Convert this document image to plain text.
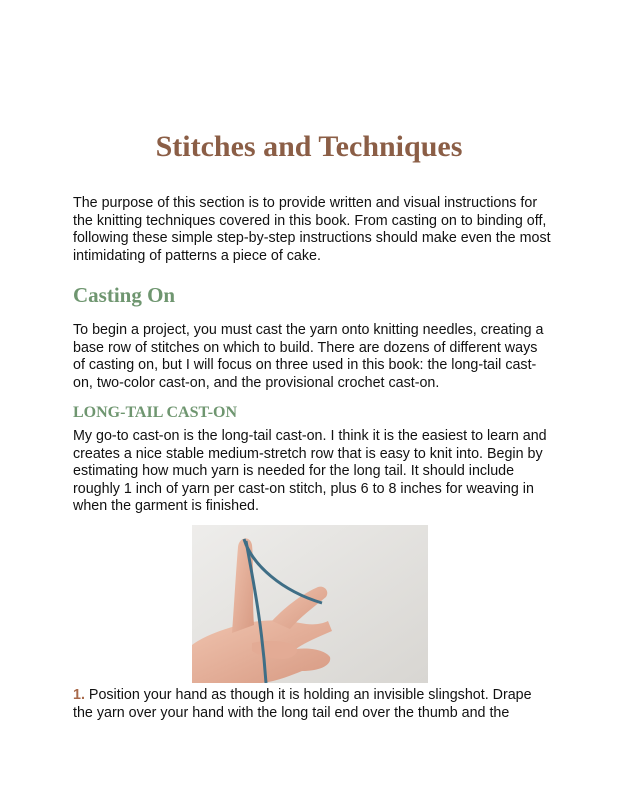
Stitches and Techniques

The purpose of this section is to provide written and visual instructions for the knitting techniques covered in this book. From casting on to binding off, following these simple step-by-step instructions should make even the most intimidating of patterns a piece of cake.

Casting On

To begin a project, you must cast the yarn onto knitting needles, creating a base row of stitches on which to build. There are dozens of different ways of casting on, but I will focus on three used in this book: the long-tail cast-on, two-color cast-on, and the provisional crochet cast-on.

LONG-TAIL CAST-ON

My go-to cast-on is the long-tail cast-on. I think it is the easiest to learn and creates a nice stable medium-stretch row that is easy to knit into. Begin by estimating how much yarn is needed for the long tail. It should include roughly 1 inch of yarn per cast-on stitch, plus 6 to 8 inches for weaving in when the garment is finished.

1. Position your hand as though it is holding an invisible slingshot. Drape the yarn over your hand with the long tail end over the thumb and the
